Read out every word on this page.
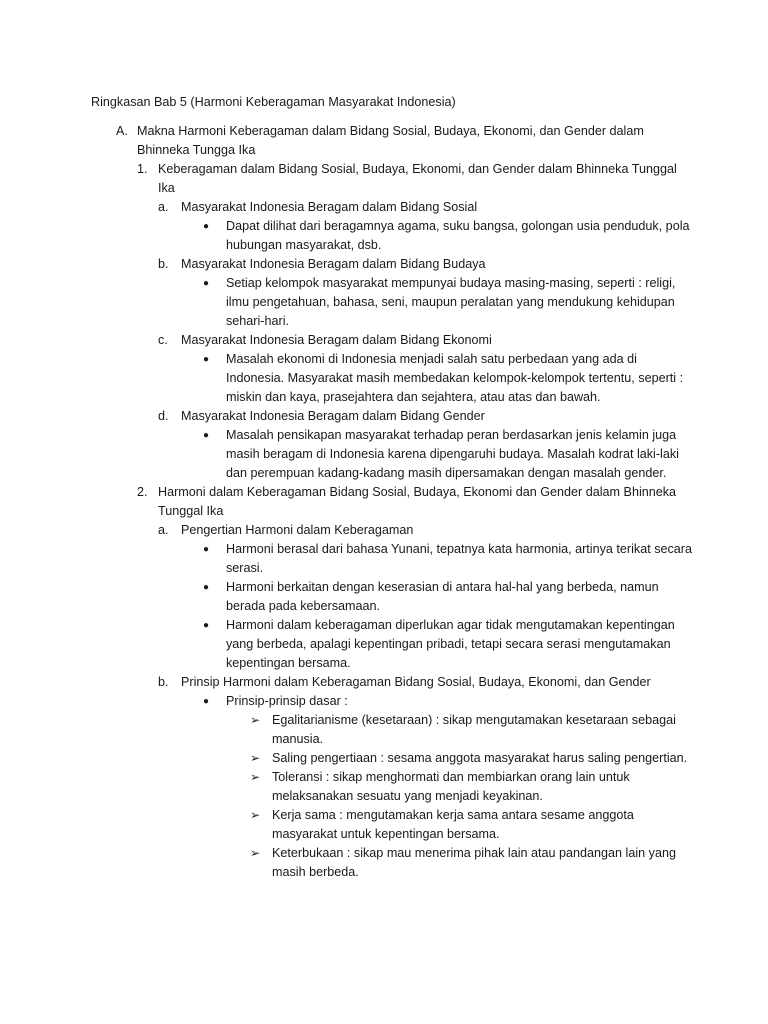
Ringkasan Bab 5 (Harmoni Keberagaman Masyarakat Indonesia)
A. Makna Harmoni Keberagaman dalam Bidang Sosial, Budaya, Ekonomi, dan Gender dalam Bhinneka Tungga Ika
1. Keberagaman dalam Bidang Sosial, Budaya, Ekonomi, dan Gender dalam Bhinneka Tunggal Ika
a. Masyarakat Indonesia Beragam dalam Bidang Sosial
● Dapat dilihat dari beragamnya agama, suku bangsa, golongan usia penduduk, pola hubungan masyarakat, dsb.
b. Masyarakat Indonesia Beragam dalam Bidang Budaya
● Setiap kelompok masyarakat mempunyai budaya masing-masing, seperti : religi, ilmu pengetahuan, bahasa, seni, maupun peralatan yang mendukung kehidupan sehari-hari.
c. Masyarakat Indonesia Beragam dalam Bidang Ekonomi
● Masalah ekonomi di Indonesia menjadi salah satu perbedaan yang ada di Indonesia. Masyarakat masih membedakan kelompok-kelompok tertentu, seperti : miskin dan kaya, prasejahtera dan sejahtera, atau atas dan bawah.
d. Masyarakat Indonesia Beragam dalam Bidang Gender
● Masalah pensikapan masyarakat terhadap peran berdasarkan jenis kelamin juga masih beragam di Indonesia karena dipengaruhi budaya. Masalah kodrat laki-laki dan perempuan kadang-kadang masih dipersamakan dengan masalah gender.
2. Harmoni dalam Keberagaman Bidang Sosial, Budaya, Ekonomi dan Gender dalam Bhinneka Tunggal Ika
a. Pengertian Harmoni dalam Keberagaman
● Harmoni berasal dari bahasa Yunani, tepatnya kata harmonia, artinya terikat secara serasi.
● Harmoni berkaitan dengan keserasian di antara hal-hal yang berbeda, namun berada pada kebersamaan.
● Harmoni dalam keberagaman diperlukan agar tidak mengutamakan kepentingan yang berbeda, apalagi kepentingan pribadi, tetapi secara serasi mengutamakan kepentingan bersama.
b. Prinsip Harmoni dalam Keberagaman Bidang Sosial, Budaya, Ekonomi, dan Gender
● Prinsip-prinsip dasar :
➢ Egalitarianisme (kesetaraan) : sikap mengutamakan kesetaraan sebagai manusia.
➢ Saling pengertiaan : sesama anggota masyarakat harus saling pengertian.
➢ Toleransi : sikap menghormati dan membiarkan orang lain untuk melaksanakan sesuatu yang menjadi keyakinan.
➢ Kerja sama : mengutamakan kerja sama antara sesame anggota masyarakat untuk kepentingan bersama.
➢ Keterbukaan : sikap mau menerima pihak lain atau pandangan lain yang masih berbeda.
